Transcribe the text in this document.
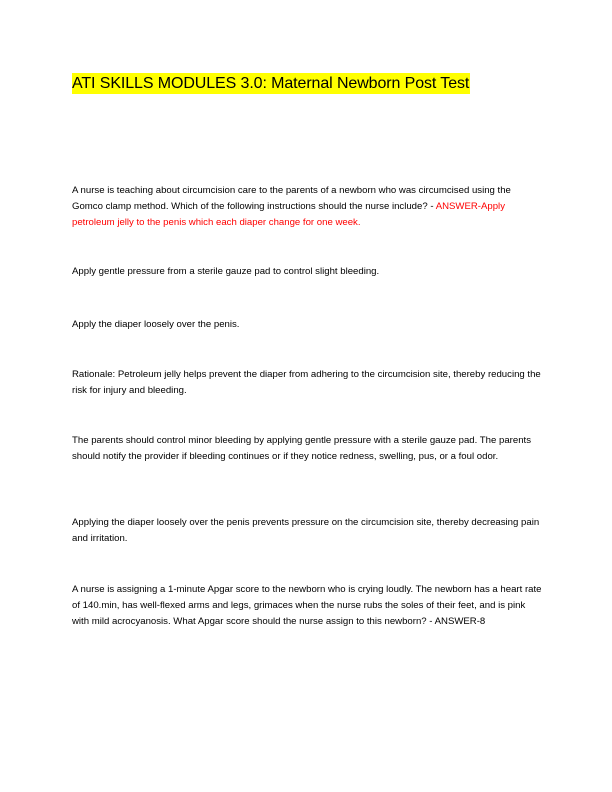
ATI SKILLS MODULES 3.0: Maternal Newborn Post Test

A nurse is teaching about circumcision care to the parents of a newborn who was circumcised using the Gomco clamp method. Which of the following instructions should the nurse include? - ANSWER-Apply petroleum jelly to the penis which each diaper change for one week.

Apply gentle pressure from a sterile gauze pad to control slight bleeding.

Apply the diaper loosely over the penis.

Rationale: Petroleum jelly helps prevent the diaper from adhering to the circumcision site, thereby reducing the risk for injury and bleeding.

The parents should control minor bleeding by applying gentle pressure with a sterile gauze pad. The parents should notify the provider if bleeding continues or if they notice redness, swelling, pus, or a foul odor.

Applying the diaper loosely over the penis prevents pressure on the circumcision site, thereby decreasing pain and irritation.

A nurse is assigning a 1-minute Apgar score to the newborn who is crying loudly. The newborn has a heart rate of 140.min, has well-flexed arms and legs, grimaces when the nurse rubs the soles of their feet, and is pink with mild acrocyanosis. What Apgar score should the nurse assign to this newborn? - ANSWER-8
